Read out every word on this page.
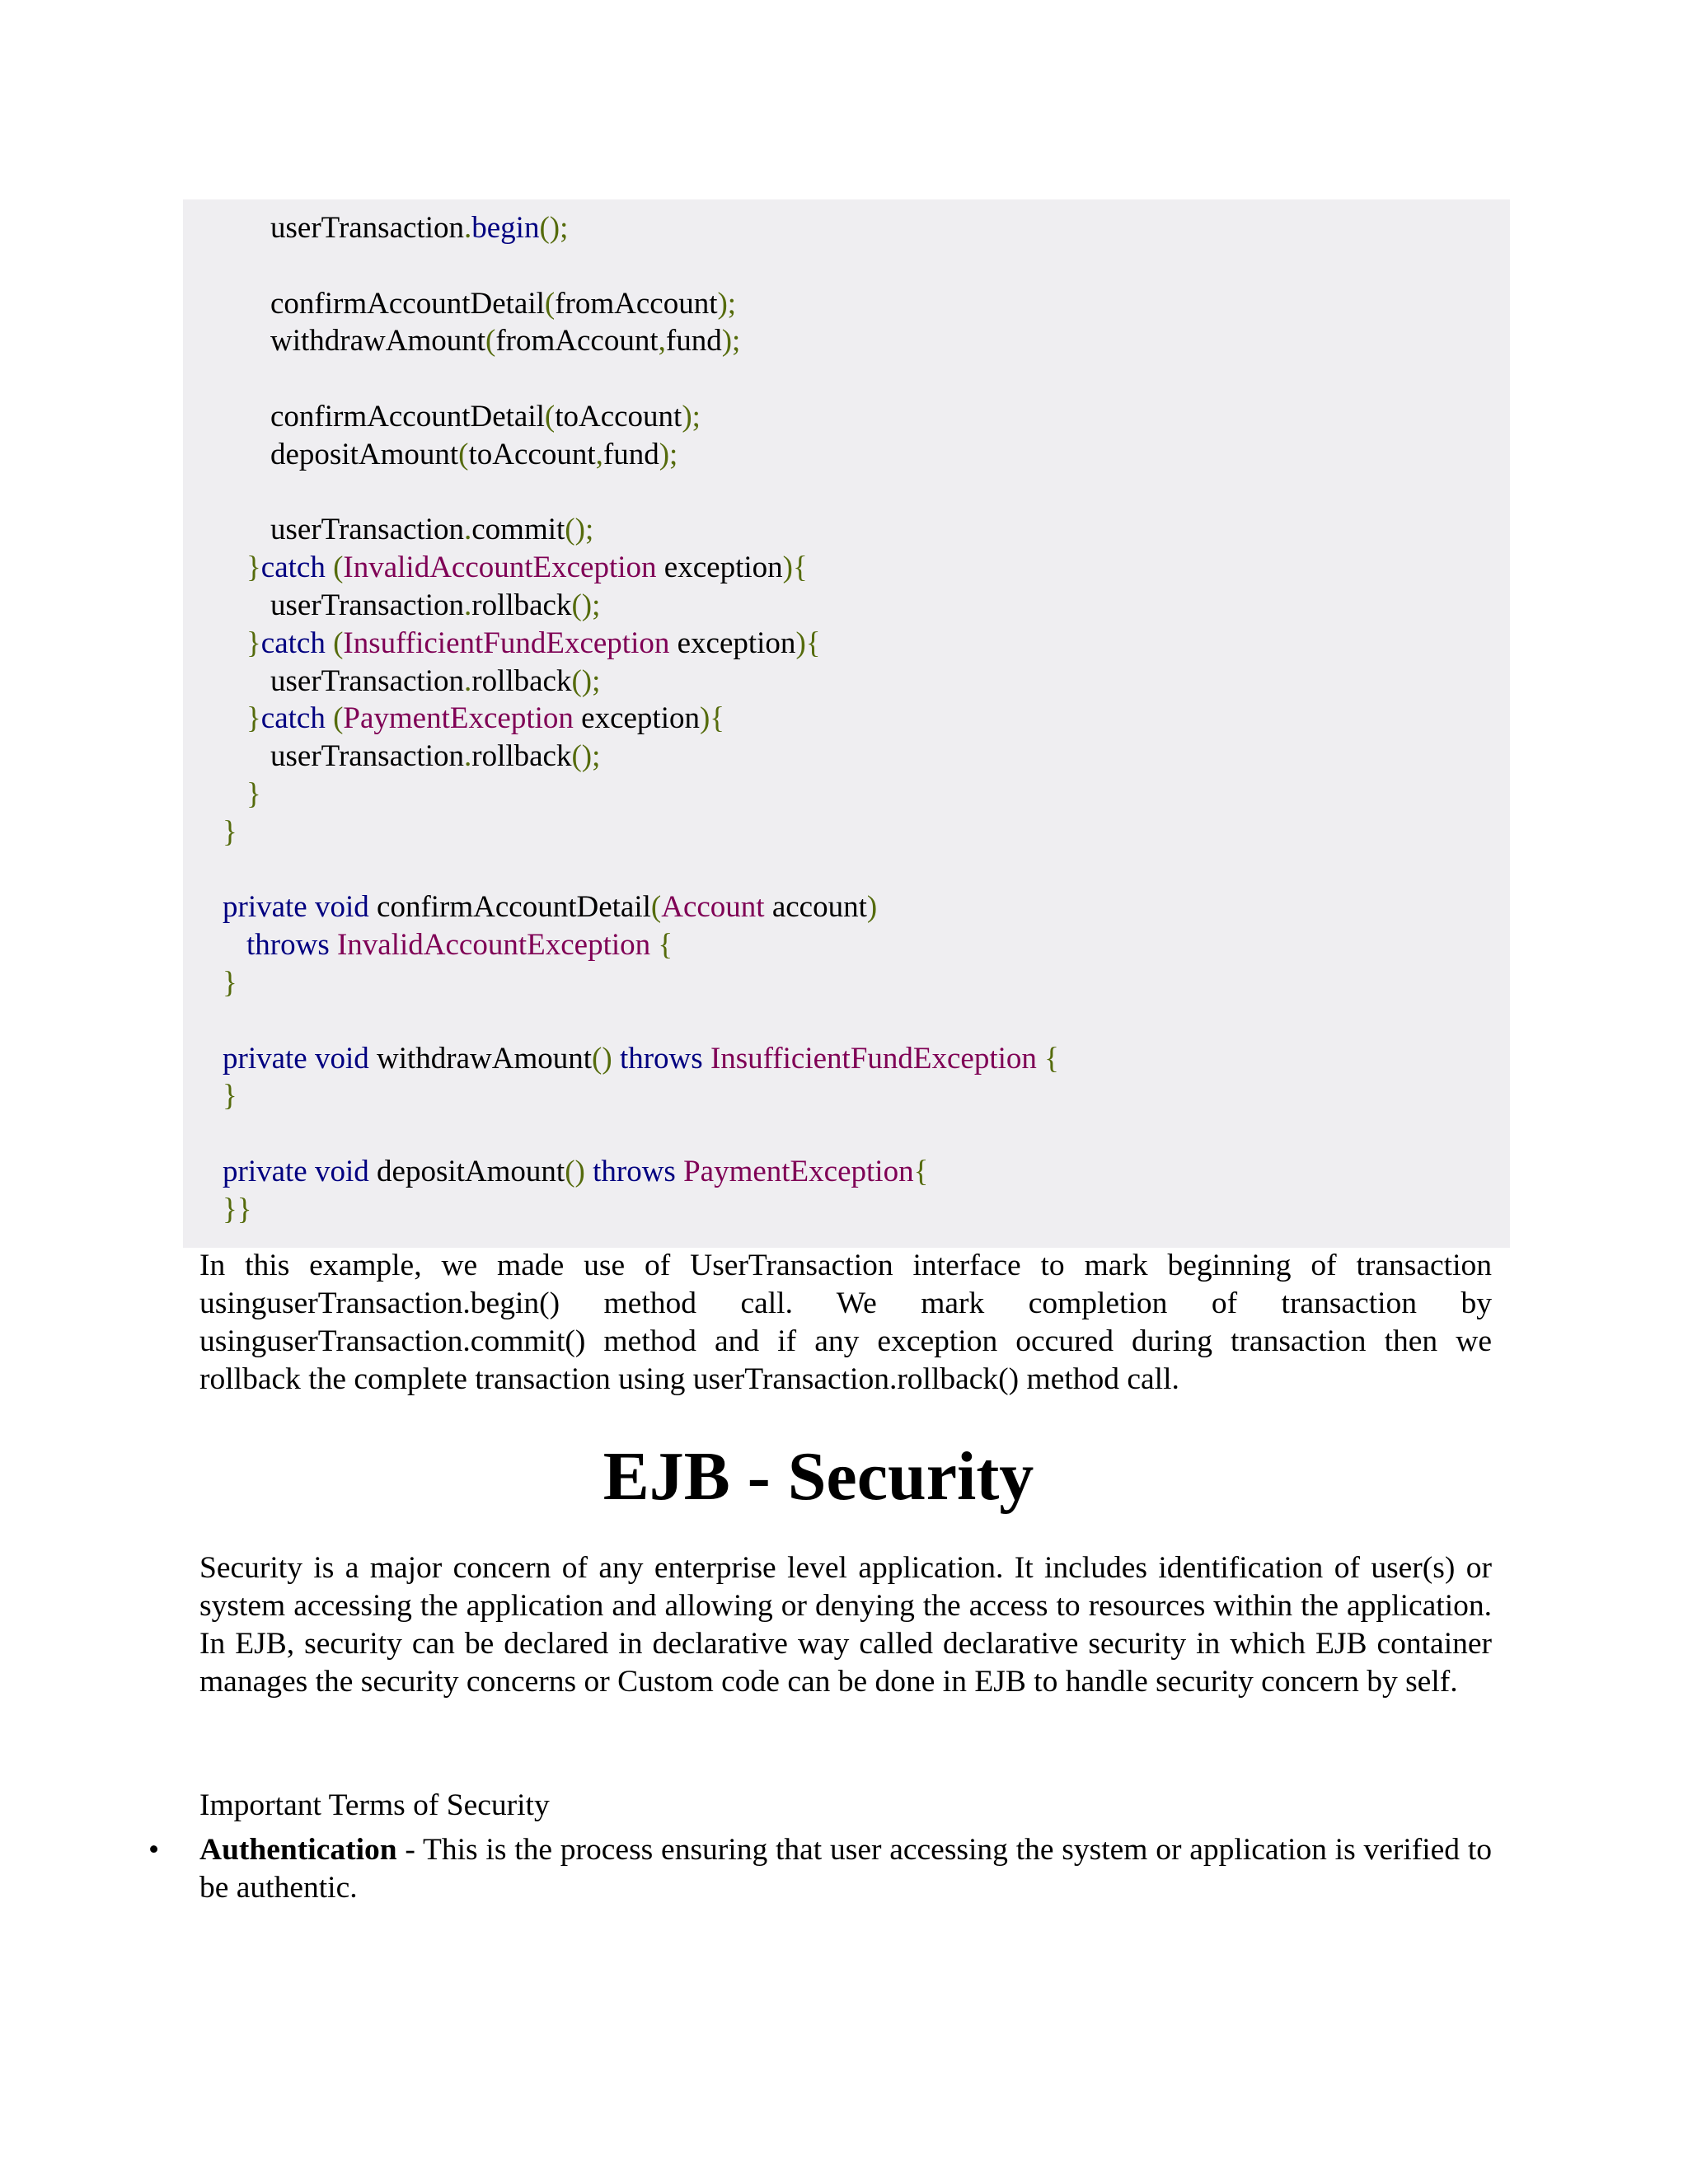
userTransaction.begin();
confirmAccountDetail(fromAccount);
withdrawAmount(fromAccount,fund);
confirmAccountDetail(toAccount);
depositAmount(toAccount,fund);
userTransaction.commit();
}catch (InvalidAccountException exception){
userTransaction.rollback();
}catch (InsufficientFundException exception){
userTransaction.rollback();
}catch (PaymentException exception){
userTransaction.rollback();
}
}
private void confirmAccountDetail(Account account)
throws InvalidAccountException {
}
private void withdrawAmount() throws InsufficientFundException {
}
private void depositAmount() throws PaymentException{
}}

In this example, we made use of UserTransaction interface to mark beginning of transaction usinguserTransaction.begin() method call. We mark completion of transaction by usinguserTransaction.commit() method and if any exception occured during transaction then we rollback the complete transaction using userTransaction.rollback() method call.

EJB - Security

Security is a major concern of any enterprise level application. It includes identification of user(s) or system accessing the application and allowing or denying the access to resources within the application. In EJB, security can be declared in declarative way called declarative security in which EJB container manages the security concerns or Custom code can be done in EJB to handle security concern by self.

Important Terms of Security

• Authentication - This is the process ensuring that user accessing the system or application is verified to be authentic.
